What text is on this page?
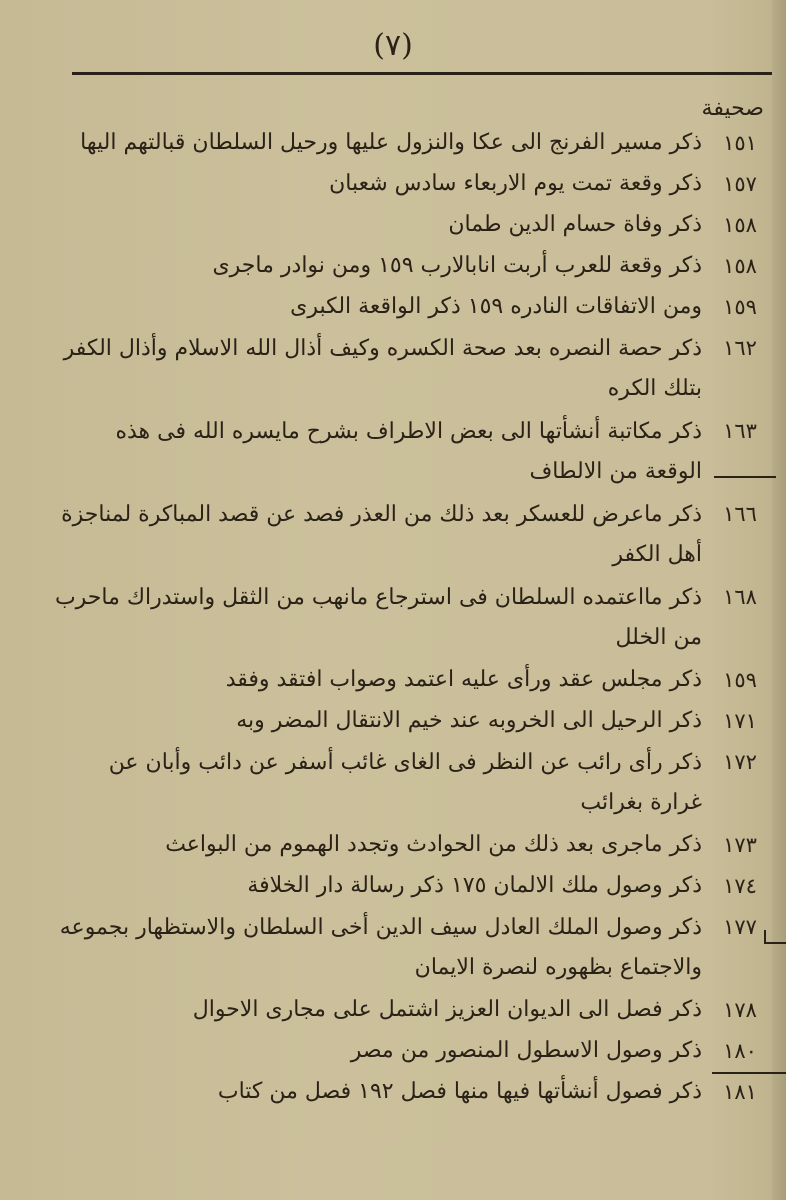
(٧)
صحيفة
١٥١
ذكر مسير الفرنج الى عكا والنزول عليها ورحيل السلطان قبالتهم اليها
١٥٧
ذكر وقعة تمت يوم الاربعاء سادس شعبان
١٥٨
ذكر وفاة حسام الدين طمان
١٥٨
ذكر وقعة للعرب أربت انابالارب ١٥٩ ومن نوادر ماجرى
١٥٩
ومن الاتفاقات النادره ١٥٩ ذكر الواقعة الكبرى
١٦٢
ذكر حصة النصره بعد صحة الكسره وكيف أذال الله الاسلام وأذال الكفر بتلك الكره
١٦٣
ذكر مكاتبة أنشأتها الى بعض الاطراف بشرح مايسره الله فى هذه الوقعة من الالطاف
١٦٦
ذكر ماعرض للعسكر بعد ذلك من العذر فصد عن قصد المباكرة لمناجزة أهل الكفر
١٦٨
ذكر مااعتمده السلطان فى استرجاع مانهب من الثقل واستدراك ماحرب من الخلل
١٥٩
ذكر مجلس عقد ورأى عليه اعتمد وصواب افتقد وفقد
١٧١
ذكر الرحيل الى الخروبه عند خيم الانتقال المضر وبه
١٧٢
ذكر رأى رائب عن النظر فى الغاى غائب أسفر عن دائب وأبان عن غرارة بغرائب
١٧٣
ذكر ماجرى بعد ذلك من الحوادث وتجدد الهموم من البواعث
١٧٤
ذكر وصول ملك الالمان ١٧٥ ذكر رسالة دار الخلافة
١٧٧
ذكر وصول الملك العادل سيف الدين أخى السلطان والاستظهار بجموعه والاجتماع بظهوره لنصرة الايمان
١٧٨
ذكر فصل الى الديوان العزيز اشتمل على مجارى الاحوال
١٨٠
ذكر وصول الاسطول المنصور من مصر
١٨١
ذكر فصول أنشأتها فيها منها فصل ١٩٢ فصل من كتاب
